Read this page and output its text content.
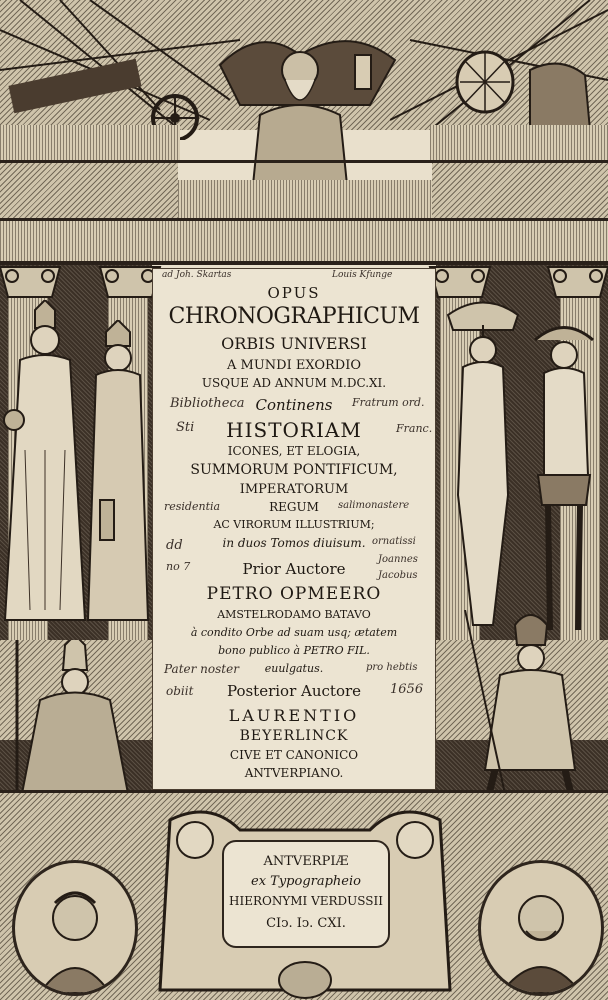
ANTVERPIÆ
ex Typographeio
HIERONYMI VERDUSSII
CIↄ. Iↄ. CXI.
OPUS
CHRONOGRAPHICUM
ORBIS UNIVERSI
A MUNDI EXORDIO
USQUE AD ANNUM M.DC.XI.
Continens
HISTORIAM
ICONES, ET ELOGIA,
SUMMORUM PONTIFICUM,
IMPERATORUM
REGUM
AC VIRORUM ILLUSTRIUM;
in duos Tomos diuisum.
Prior Auctore
PETRO OPMEERO
AMSTELRODAMO BATAVO
à condito Orbe ad suam usq; ætatem
bono publico à PETRO FIL.
euulgatus.
Posterior Auctore
LAURENTIO
BEYERLINCK
CIVE ET CANONICO
ANTVERPIANO.
ad Joh. Skartas	Louis Kfunge
Bibliotheca	Fratrum ord.
Sti	Franc.
residentia	salimonastere
dd	ornatissi
no 7
Joannes
Jacobus
Pater noster	pro hebtis
obiit	1656
